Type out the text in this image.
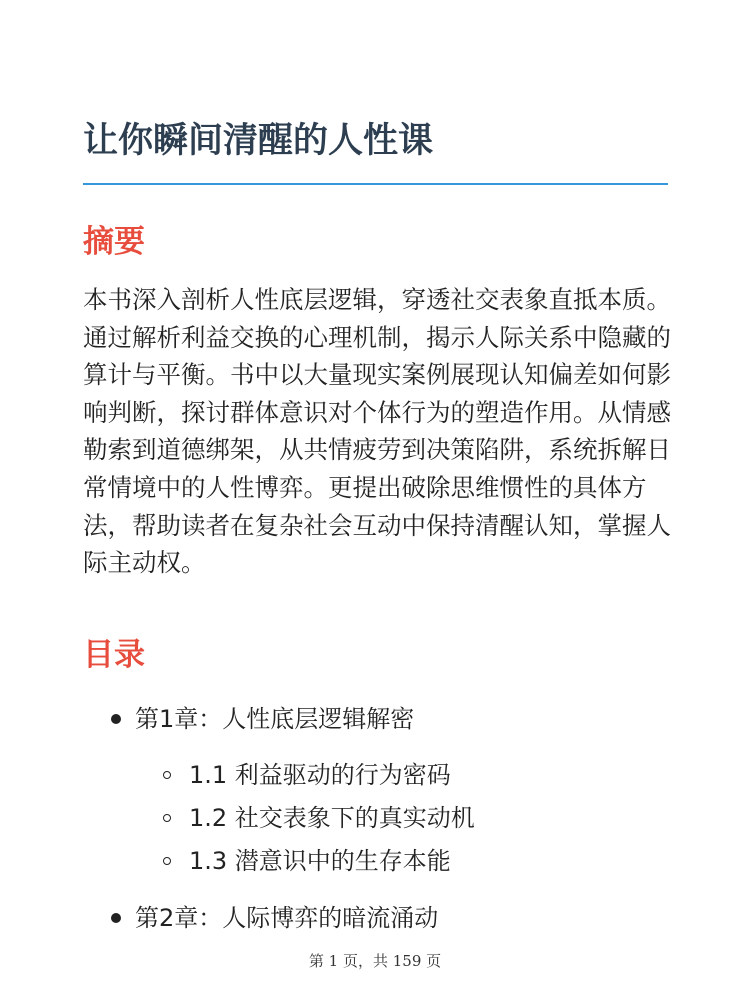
让你瞬间清醒的人性课
摘要

本书深入剖析人性底层逻辑，穿透社交表象直抵本质。通过解析利益交换的心理机制，揭示人际关系中隐藏的算计与平衡。书中以大量现实案例展现认知偏差如何影响判断，探讨群体意识对个体行为的塑造作用。从情感勒索到道德绑架，从共情疲劳到决策陷阱，系统拆解日常情境中的人性博弈。更提出破除思维惯性的具体方法，帮助读者在复杂社会互动中保持清醒认知，掌握人际主动权。

目录
第1章：人性底层逻辑解密
1.1 利益驱动的行为密码
1.2 社交表象下的真实动机
1.3 潜意识中的生存本能
第2章：人际博弈的暗流涌动
第 1 页，共 159 页
